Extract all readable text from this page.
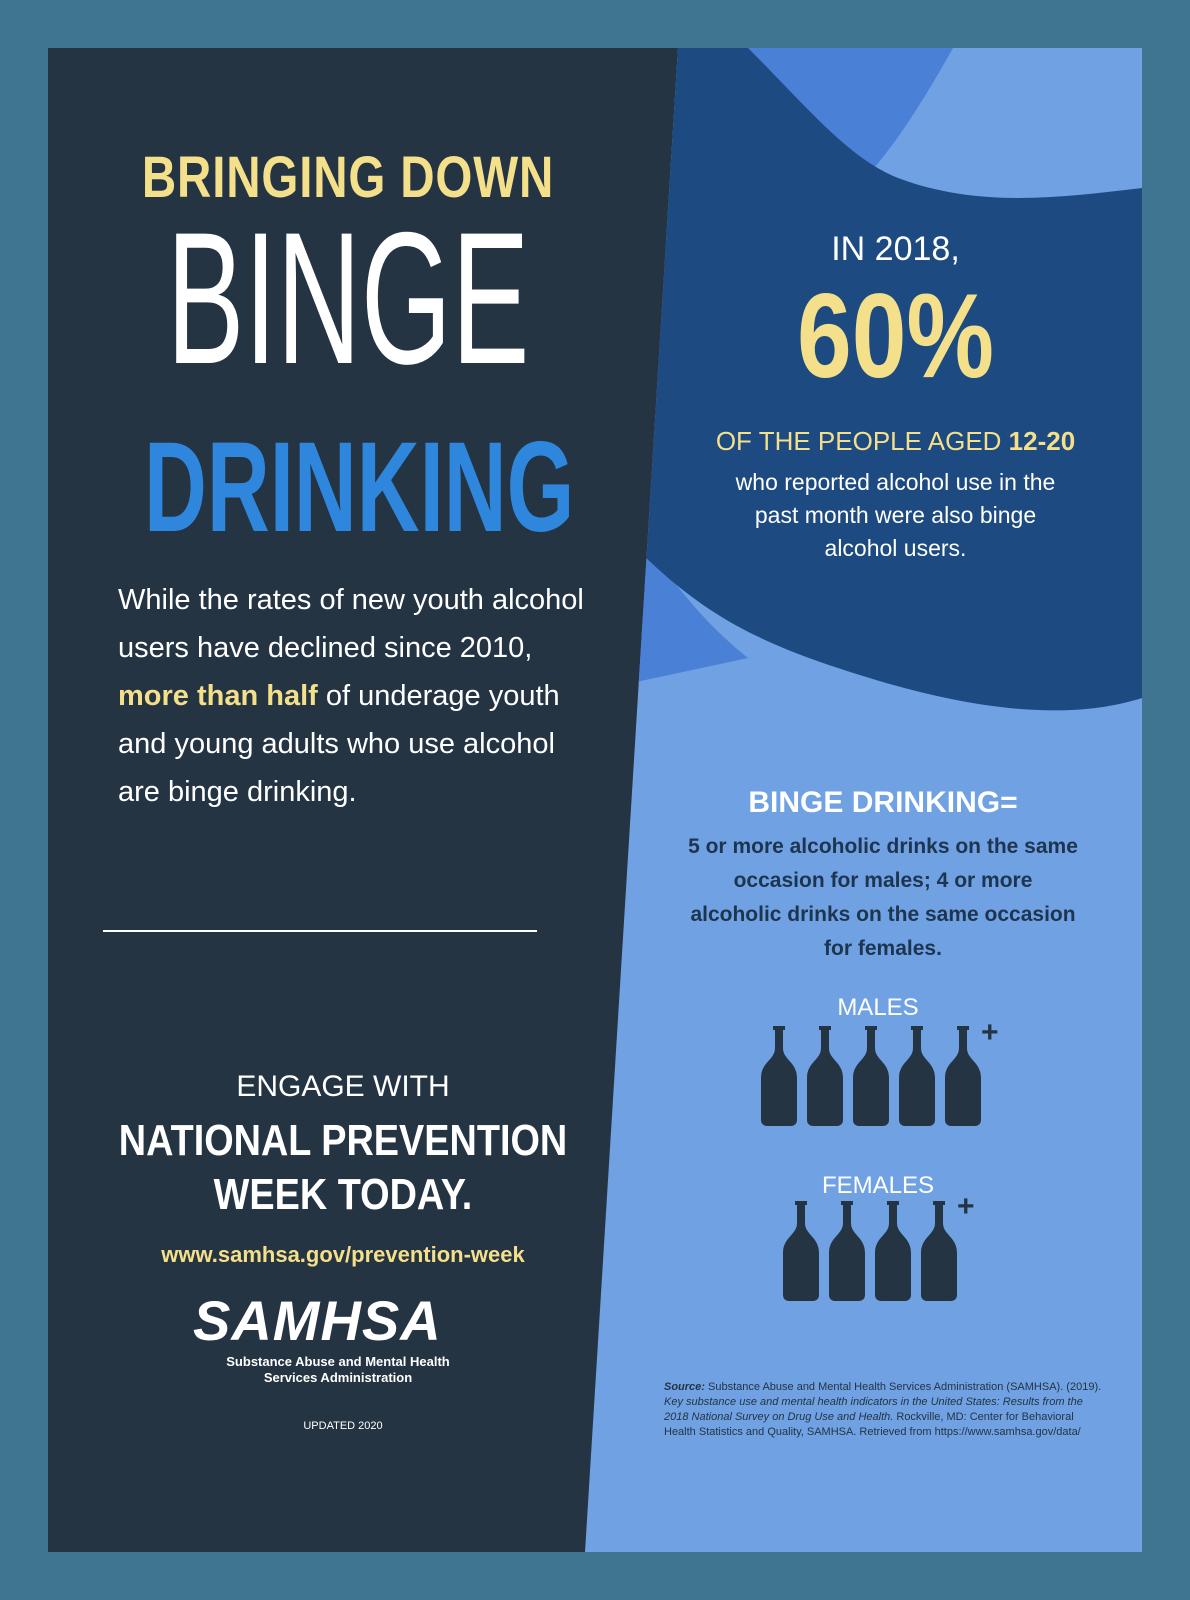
BRINGING DOWN
BINGE
DRINKING

While the rates of new youth alcohol users have declined since 2010, more than half of underage youth and young adults who use alcohol are binge drinking.

ENGAGE WITH
NATIONAL PREVENTION
WEEK TODAY.
www.samhsa.gov/prevention-week
SAMHSA
Substance Abuse and Mental Health
Services Administration
UPDATED 2020
IN 2018,
60%
OF THE PEOPLE AGED 12-20

who reported alcohol use in the past month were also binge alcohol users.

BINGE DRINKING=

5 or more alcoholic drinks on the same occasion for males; 4 or more alcoholic drinks on the same occasion for females.

MALES
FEMALES

Source: Substance Abuse and Mental Health Services Administration (SAMHSA). (2019). Key substance use and mental health indicators in the United States: Results from the 2018 National Survey on Drug Use and Health. Rockville, MD: Center for Behavioral Health Statistics and Quality, SAMHSA. Retrieved from https://www.samhsa.gov/data/

+
+
